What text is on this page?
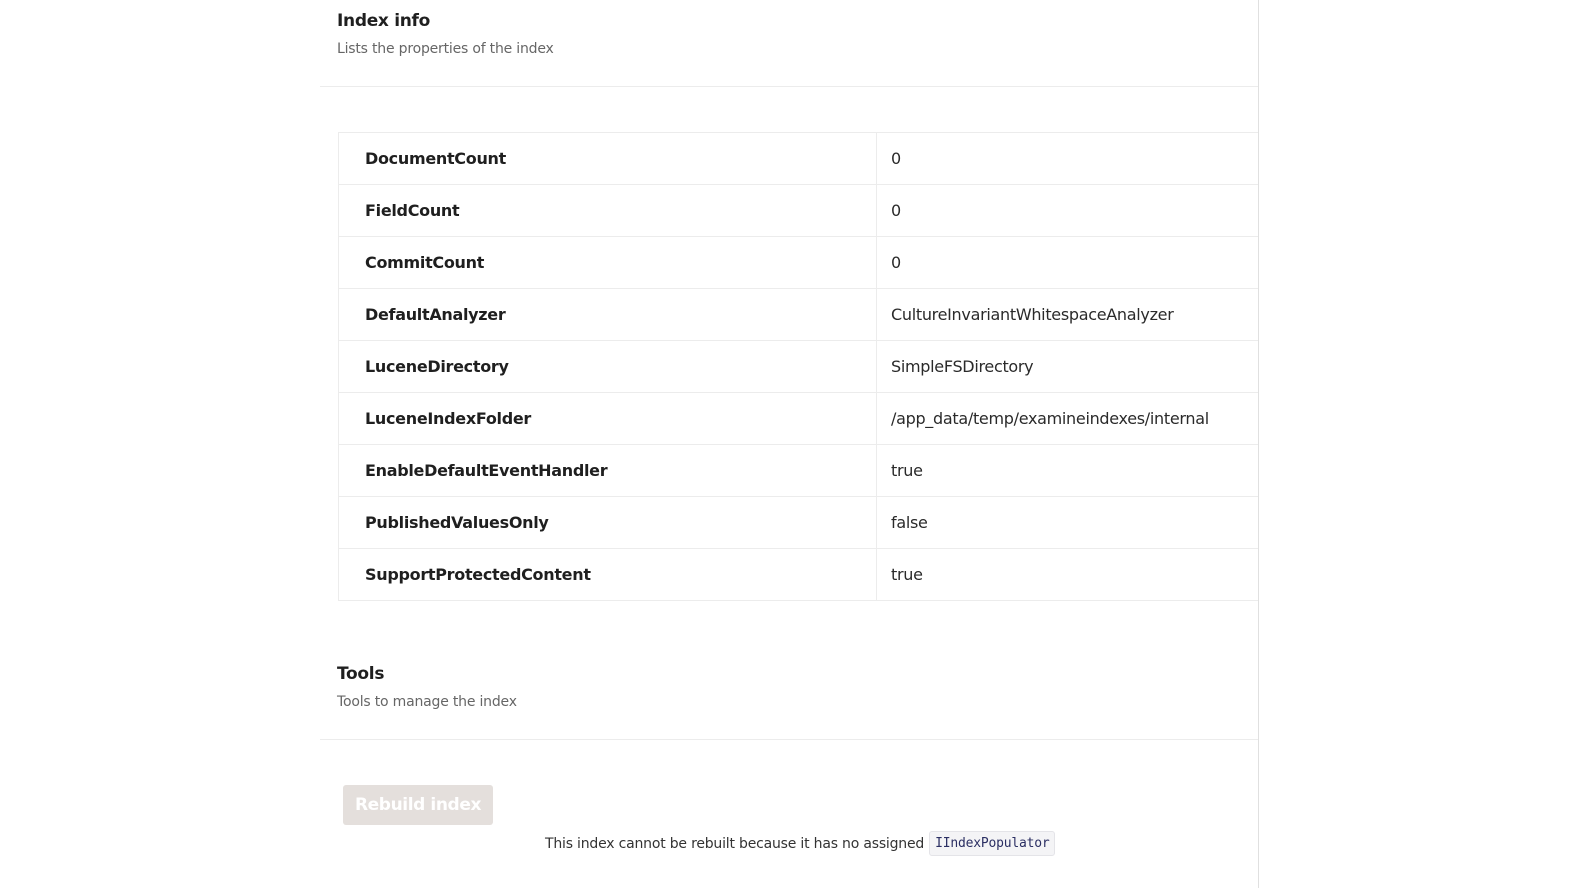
Index info
Lists the properties of the index
DocumentCount	0
FieldCount	0
CommitCount	0
DefaultAnalyzer	CultureInvariantWhitespaceAnalyzer
LuceneDirectory	SimpleFSDirectory
LuceneIndexFolder	/app_data/temp/examineindexes/internal
EnableDefaultEventHandler	true
PublishedValuesOnly	false
SupportProtectedContent	true
Tools
Tools to manage the index
Rebuild index
This index cannot be rebuilt because it has no assigned IIndexPopulator
